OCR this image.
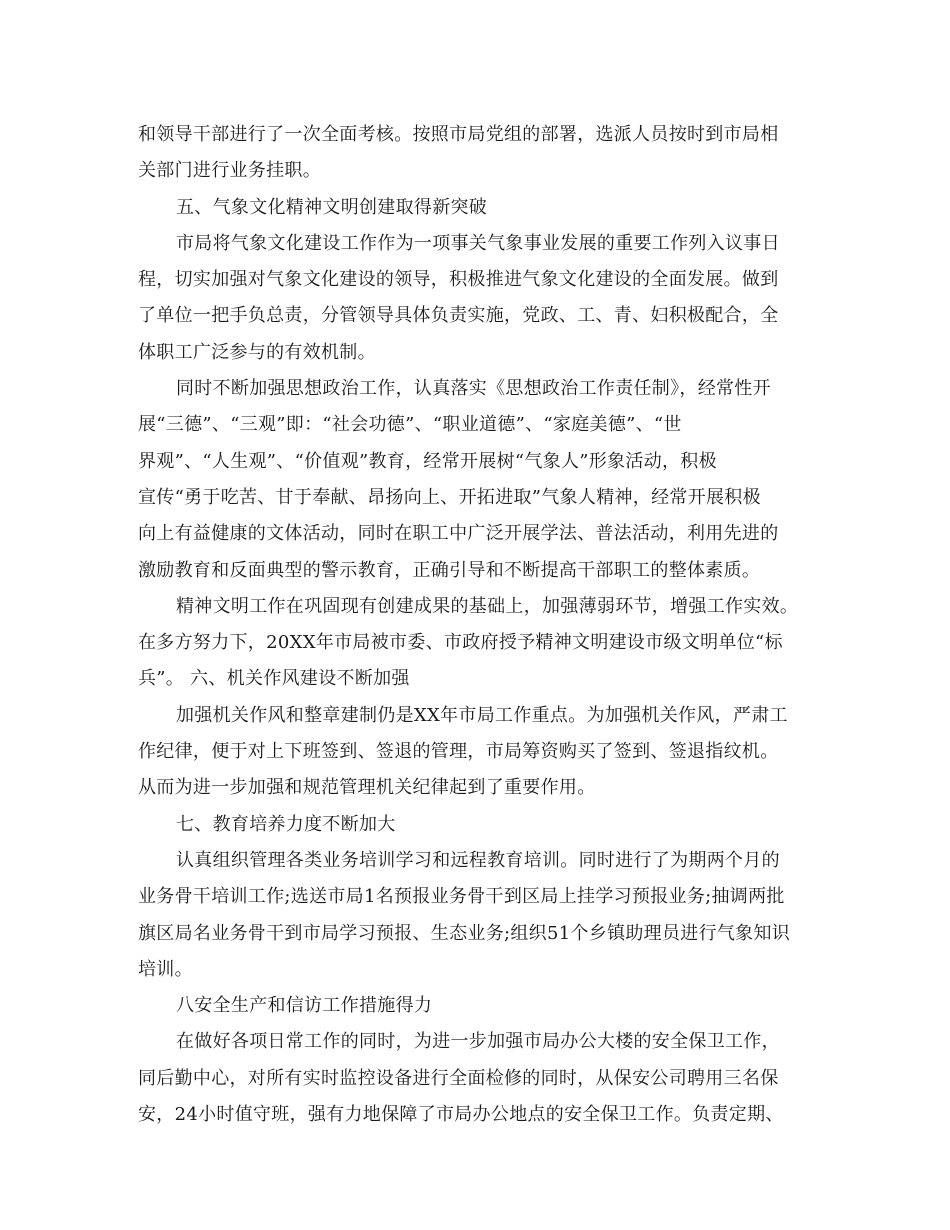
和领导干部进行了一次全面考核。按照市局党组的部署，选派人员按时到市局相
关部门进行业务挂职。
五、气象文化精神文明创建取得新突破
市局将气象文化建设工作作为一项事关气象事业发展的重要工作列入议事日
程，切实加强对气象文化建设的领导，积极推进气象文化建设的全面发展。做到
了单位一把手负总责，分管领导具体负责实施，党政、工、青、妇积极配合，全
体职工广泛参与的有效机制。
同时不断加强思想政治工作，认真落实《思想政治工作责任制》，经常性开
展“三德”、“三观”即：“社会功德”、“职业道德”、“家庭美德”、“世
界观”、“人生观”、“价值观”教育，经常开展树“气象人”形象活动，积极
宣传“勇于吃苦、甘于奉献、昂扬向上、开拓进取”气象人精神，经常开展积极
向上有益健康的文体活动，同时在职工中广泛开展学法、普法活动，利用先进的
激励教育和反面典型的警示教育，正确引导和不断提高干部职工的整体素质。
精神文明工作在巩固现有创建成果的基础上，加强薄弱环节，增强工作实效。
在多方努力下，20XX年市局被市委、市政府授予精神文明建设市级文明单位“标
兵”。 六、机关作风建设不断加强
加强机关作风和整章建制仍是XX年市局工作重点。为加强机关作风，严肃工
作纪律，便于对上下班签到、签退的管理，市局筹资购买了签到、签退指纹机。
从而为进一步加强和规范管理机关纪律起到了重要作用。
七、教育培养力度不断加大
认真组织管理各类业务培训学习和远程教育培训。同时进行了为期两个月的
业务骨干培训工作;选送市局1名预报业务骨干到区局上挂学习预报业务;抽调两批
旗区局名业务骨干到市局学习预报、生态业务;组织51个乡镇助理员进行气象知识
培训。
八安全生产和信访工作措施得力
在做好各项日常工作的同时，为进一步加强市局办公大楼的安全保卫工作，
同后勤中心，对所有实时监控设备进行全面检修的同时，从保安公司聘用三名保
安，24小时值守班，强有力地保障了市局办公地点的安全保卫工作。负责定期、
